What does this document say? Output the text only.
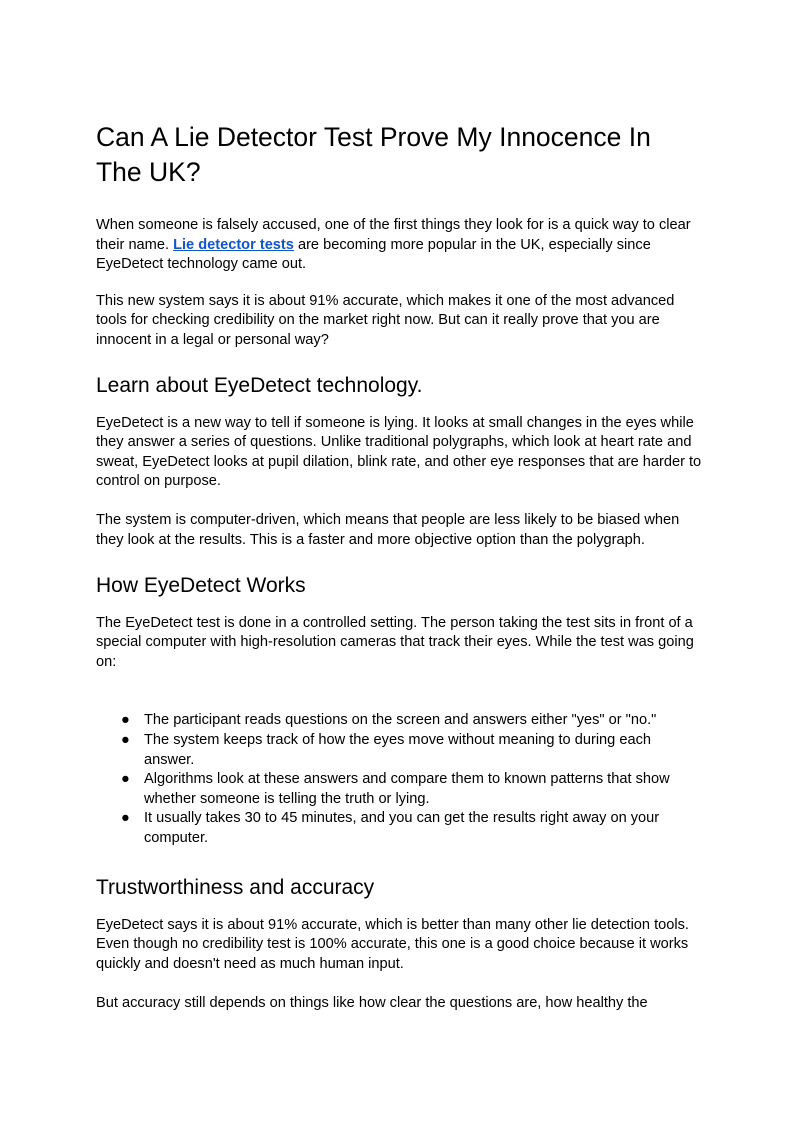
Can A Lie Detector Test Prove My Innocence In The UK?

When someone is falsely accused, one of the first things they look for is a quick way to clear their name. Lie detector tests are becoming more popular in the UK, especially since EyeDetect technology came out.

This new system says it is about 91% accurate, which makes it one of the most advanced tools for checking credibility on the market right now. But can it really prove that you are innocent in a legal or personal way?

Learn about EyeDetect technology.

EyeDetect is a new way to tell if someone is lying. It looks at small changes in the eyes while they answer a series of questions. Unlike traditional polygraphs, which look at heart rate and sweat, EyeDetect looks at pupil dilation, blink rate, and other eye responses that are harder to control on purpose.

The system is computer-driven, which means that people are less likely to be biased when they look at the results. This is a faster and more objective option than the polygraph.

How EyeDetect Works

The EyeDetect test is done in a controlled setting. The person taking the test sits in front of a special computer with high-resolution cameras that track their eyes. While the test was going on:

● The participant reads questions on the screen and answers either "yes" or "no."
● The system keeps track of how the eyes move without meaning to during each answer.
● Algorithms look at these answers and compare them to known patterns that show whether someone is telling the truth or lying.
● It usually takes 30 to 45 minutes, and you can get the results right away on your computer.
Trustworthiness and accuracy

EyeDetect says it is about 91% accurate, which is better than many other lie detection tools. Even though no credibility test is 100% accurate, this one is a good choice because it works quickly and doesn't need as much human input.

But accuracy still depends on things like how clear the questions are, how healthy the
